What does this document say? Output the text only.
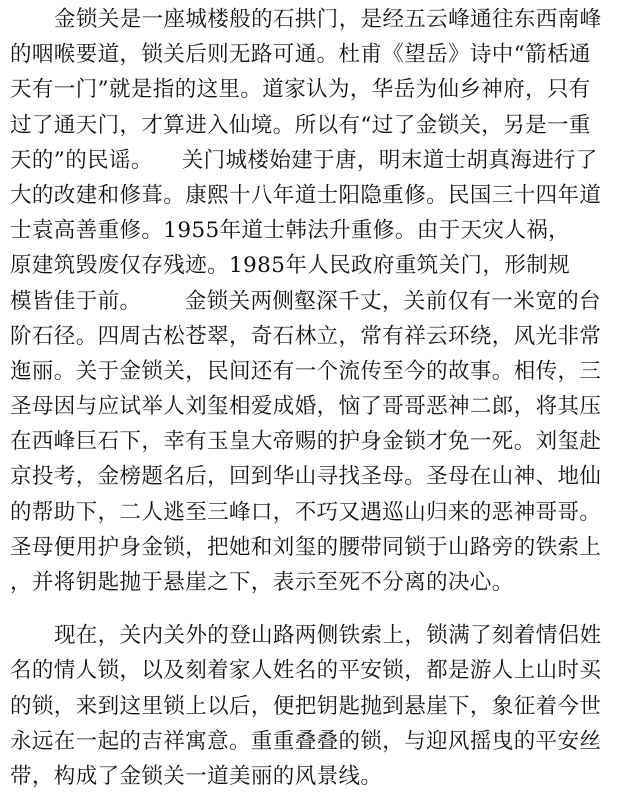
金锁关是一座城楼般的石拱门，是经五云峰通往东西南峰
的咽喉要道，锁关后则无路可通。杜甫《望岳》诗中“箭栝通
天有一门”就是指的这里。道家认为，华岳为仙乡神府，只有
过了通天门，才算进入仙境。所以有“过了金锁关，另是一重
天的”的民谣。    关门城楼始建于唐，明末道士胡真海进行了
大的改建和修葺。康熙十八年道士阳隐重修。民国三十四年道
士袁高善重修。1955年道士韩法升重修。由于天灾人祸，
原建筑毁废仅存残迹。1985年人民政府重筑关门，形制规
模皆佳于前。      金锁关两侧壑深千丈，关前仅有一米宽的台
阶石径。四周古松苍翠，奇石林立，常有祥云环绕，风光非常
迤丽。关于金锁关，民间还有一个流传至今的故事。相传，三
圣母因与应试举人刘玺相爱成婚，恼了哥哥恶神二郎，将其压
在西峰巨石下，幸有玉皇大帝赐的护身金锁才免一死。刘玺赴
京投考，金榜题名后，回到华山寻找圣母。圣母在山神、地仙
的帮助下，二人逃至三峰口，不巧又遇巡山归来的恶神哥哥。
圣母便用护身金锁，把她和刘玺的腰带同锁于山路旁的铁索上
，并将钥匙抛于悬崖之下，表示至死不分离的决心。
现在，关内关外的登山路两侧铁索上，锁满了刻着情侣姓
名的情人锁，以及刻着家人姓名的平安锁，都是游人上山时买
的锁，来到这里锁上以后，便把钥匙抛到悬崖下，象征着今世
永远在一起的吉祥寓意。重重叠叠的锁，与迎风摇曳的平安丝
带，构成了金锁关一道美丽的风景线。
